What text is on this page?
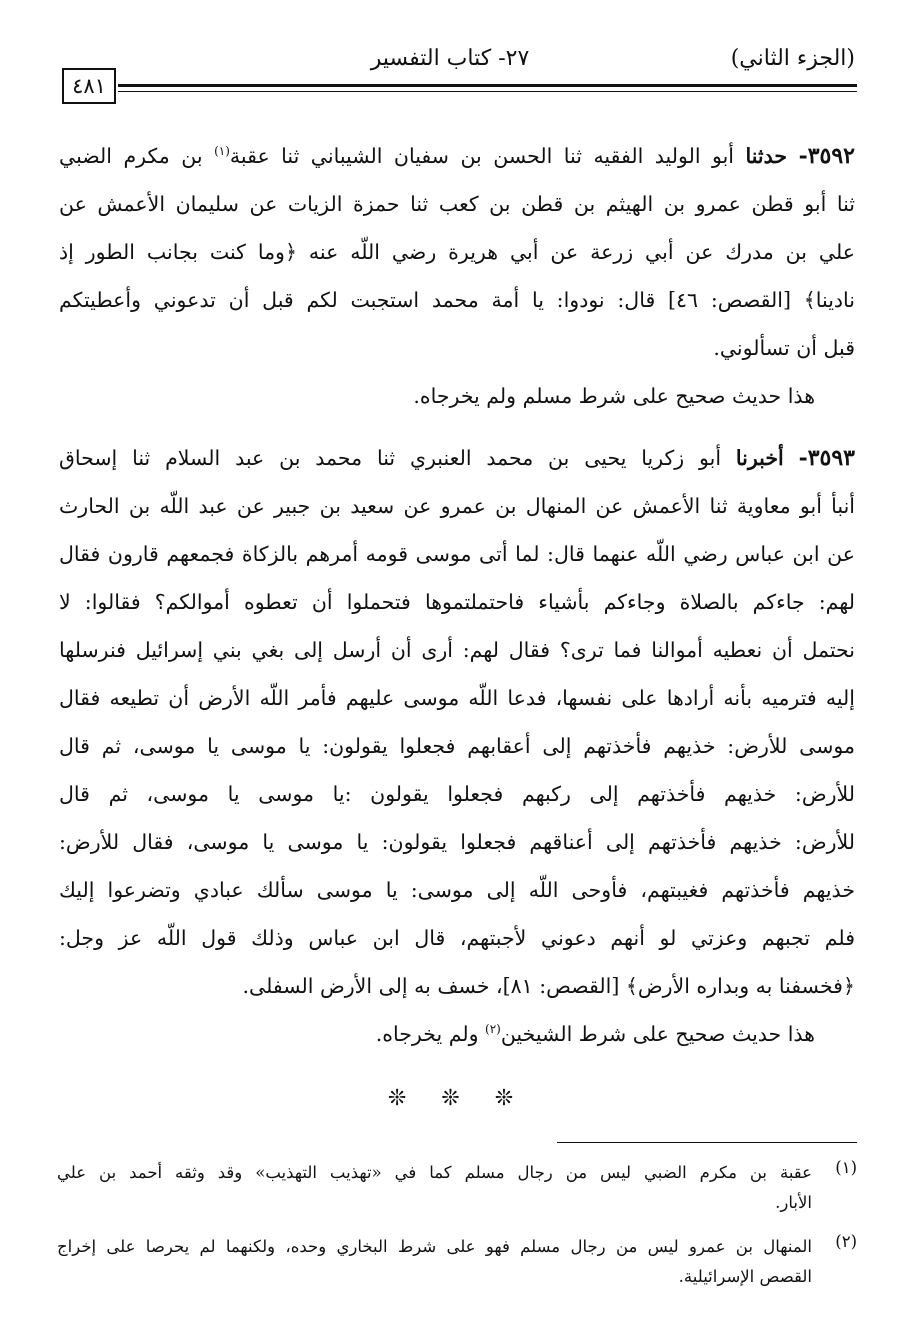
(الجزء الثاني)
٢٧- كتاب التفسير
٤٨١
٣٥٩٢- حدثنا أبو الوليد الفقيه ثنا الحسن بن سفيان الشيباني ثنا عقبة$^{(١)}$ بن مكرم الضبي
ثنا أبو قطن عمرو بن الهيثم بن قطن بن كعب ثنا حمزة الزيات عن سليمان الأعمش عن
علي بن مدرك عن أبي زرعة عن أبي هريرة رضي اللّه عنه ﴿وما كنت بجانب الطور إذ
نادينا﴾ [القصص: ٤٦] قال: نودوا: يا أمة محمد استجبت لكم قبل أن تدعوني وأعطيتكم
قبل أن تسألوني.
هذا حديث صحيح على شرط مسلم ولم يخرجاه.
٣٥٩٣- أخبرنا أبو زكريا يحيى بن محمد العنبري ثنا محمد بن عبد السلام ثنا إسحاق
أنبأ أبو معاوية ثنا الأعمش عن المنهال بن عمرو عن سعيد بن جبير عن عبد اللّه بن الحارث
عن ابن عباس رضي اللّه عنهما قال: لما أتى موسى قومه أمرهم بالزكاة فجمعهم قارون فقال
لهم: جاءكم بالصلاة وجاءكم بأشياء فاحتملتموها فتحملوا أن تعطوه أموالكم؟ فقالوا: لا
نحتمل أن نعطيه أموالنا فما ترى؟ فقال لهم: أرى أن أرسل إلى بغي بني إسرائيل فنرسلها
إليه فترميه بأنه أرادها على نفسها، فدعا اللّه موسى عليهم فأمر اللّه الأرض أن تطيعه فقال
موسى للأرض: خذيهم فأخذتهم إلى أعقابهم فجعلوا يقولون: يا موسى يا موسى، ثم قال
للأرض: خذيهم فأخذتهم إلى ركبهم فجعلوا يقولون :يا موسى يا موسى، ثم قال
للأرض: خذيهم فأخذتهم إلى أعناقهم فجعلوا يقولون: يا موسى يا موسى، فقال للأرض:
خذيهم فأخذتهم فغيبتهم، فأوحى اللّه إلى موسى: يا موسى سألك عبادي وتضرعوا إليك
فلم تجبهم وعزتي لو أنهم دعوني لأجبتهم، قال ابن عباس وذلك قول اللّه عز وجل:
﴿فخسفنا به وبداره الأرض﴾ [القصص: ٨١]، خسف به إلى الأرض السفلى.
هذا حديث صحيح على شرط الشيخين$^{(٢)}$ ولم يخرجاه.
❊ ❊ ❊
(١)
عقبة بن مكرم الضبي ليس من رجال مسلم كما في «تهذيب التهذيب» وقد وثقه أحمد بن علي
الأبار.
(٢)
المنهال بن عمرو ليس من رجال مسلم فهو على شرط البخاري وحده، ولكنهما لم يحرصا على إخراج
القصص الإسرائيلية.
